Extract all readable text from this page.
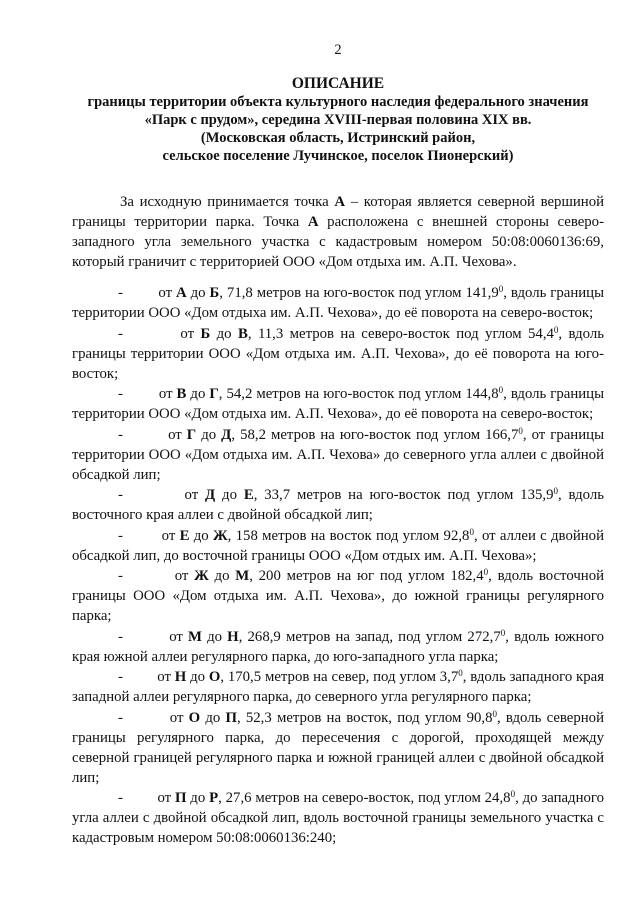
2
ОПИСАНИЕ
границы территории объекта культурного наследия федерального значения
«Парк с прудом», середина XVIII-первая половина XIX вв.
(Московская область, Истринский район,
сельское поселение Лучинское, поселок Пионерский)

За исходную принимается точка А – которая является северной вершиной границы территории парка. Точка А расположена с внешней стороны северо-западного угла земельного участка с кадастровым номером 50:08:0060136:69, который граничит с территорией ООО «Дом отдыха им. А.П. Чехова».

- от А до Б, 71,8 метров на юго-восток под углом 141,9$^0$, вдоль границы территории ООО «Дом отдыха им. А.П. Чехова», до её поворота на северо-восток;

-	от Б до В, 11,3 метров на северо-восток под углом 54,4$^0$, вдоль границы территории ООО «Дом отдыха им. А.П. Чехова», до её поворота на юго-восток;

- от В до Г, 54,2 метров на юго-восток под углом 144,8$^0$, вдоль границы территории ООО «Дом отдыха им. А.П. Чехова», до её поворота на северо-восток;

-	от Г до Д, 58,2 метров на юго-восток под углом 166,7$^0$, от границы территории ООО «Дом отдыха им. А.П. Чехова» до северного угла аллеи с двойной обсадкой лип;

-	от Д до Е, 33,7 метров на юго-восток под углом 135,9$^0$, вдоль восточного края аллеи с двойной обсадкой лип;

-	от Е до Ж, 158 метров на восток под углом 92,8$^0$, от аллеи с двойной обсадкой лип, до восточной границы ООО «Дом отдых им. А.П. Чехова»;

-	от Ж до М, 200 метров на юг под углом 182,4$^0$, вдоль восточной границы ООО «Дом отдыха им. А.П. Чехова», до южной границы регулярного парка;

-	от М до Н, 268,9 метров на запад, под углом 272,7$^0$, вдоль южного края южной аллеи регулярного парка, до юго-западного угла парка;

- от Н до О, 170,5 метров на север, под углом $3,7^0$, вдоль западного края западной аллеи регулярного парка, до северного угла регулярного парка;

-	от О до П, 52,3 метров на восток, под углом 90,8$^0$, вдоль северной границы регулярного парка, до пересечения с дорогой, проходящей между северной границей регулярного парка и южной границей аллеи с двойной обсадкой лип;

- от П до Р, 27,6 метров на северо-восток, под углом 24,8$^0$, до западного угла аллеи с двойной обсадкой лип, вдоль восточной границы земельного участка с кадастровым номером 50:08:0060136:240;
